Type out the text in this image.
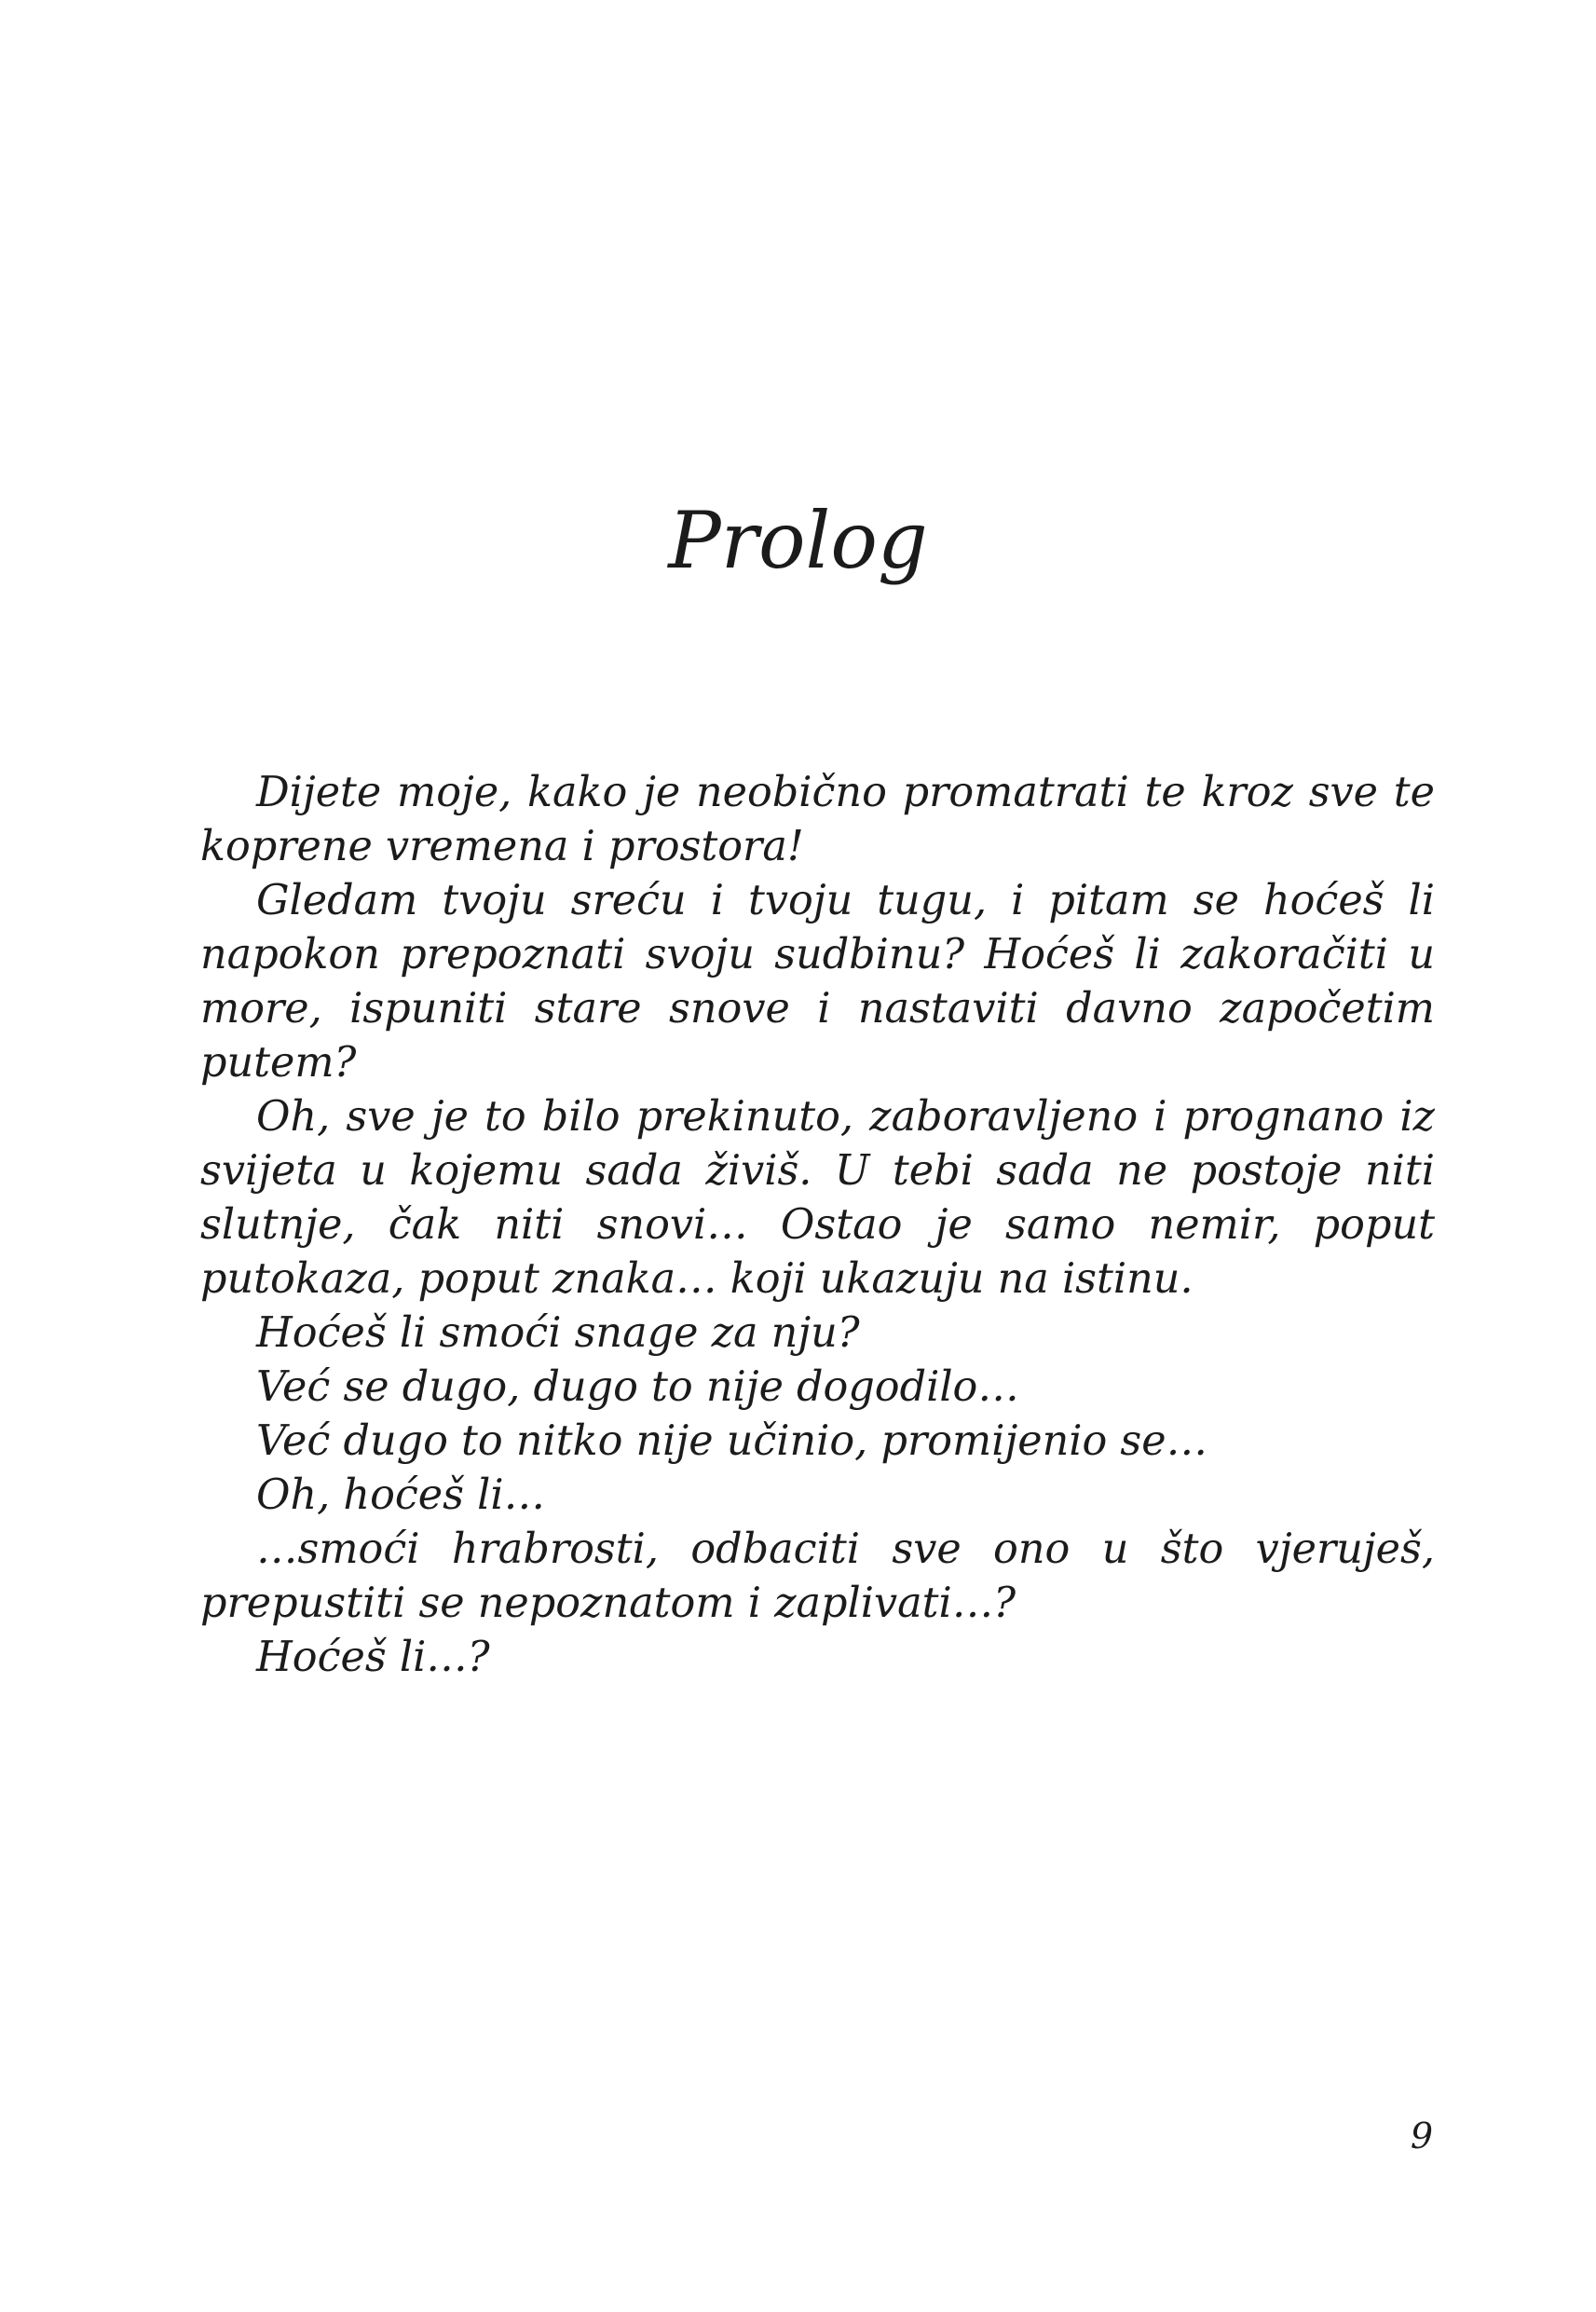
Prolog

Dijete moje, kako je neobično promatrati te kroz sve te koprene vremena i prostora!

Gledam tvoju sreću i tvoju tugu, i pitam se hoćeš li napokon prepoznati svoju sudbinu? Hoćeš li zakoračiti u more, ispuniti stare snove i nastaviti davno započetim putem?

Oh, sve je to bilo prekinuto, zaboravljeno i prognano iz svijeta u kojemu sada živiš. U tebi sada ne postoje niti slutnje, čak niti snovi… Ostao je samo nemir, poput putokaza, poput znaka… koji ukazuju na istinu.

Hoćeš li smoći snage za nju?

Već se dugo, dugo to nije dogodilo…

Već dugo to nitko nije učinio, promijenio se…

Oh, hoćeš li…

…smoći hrabrosti, odbaciti sve ono u što vjeruješ, prepustiti se nepoznatom i zaplivati…?

Hoćeš li…?

9
